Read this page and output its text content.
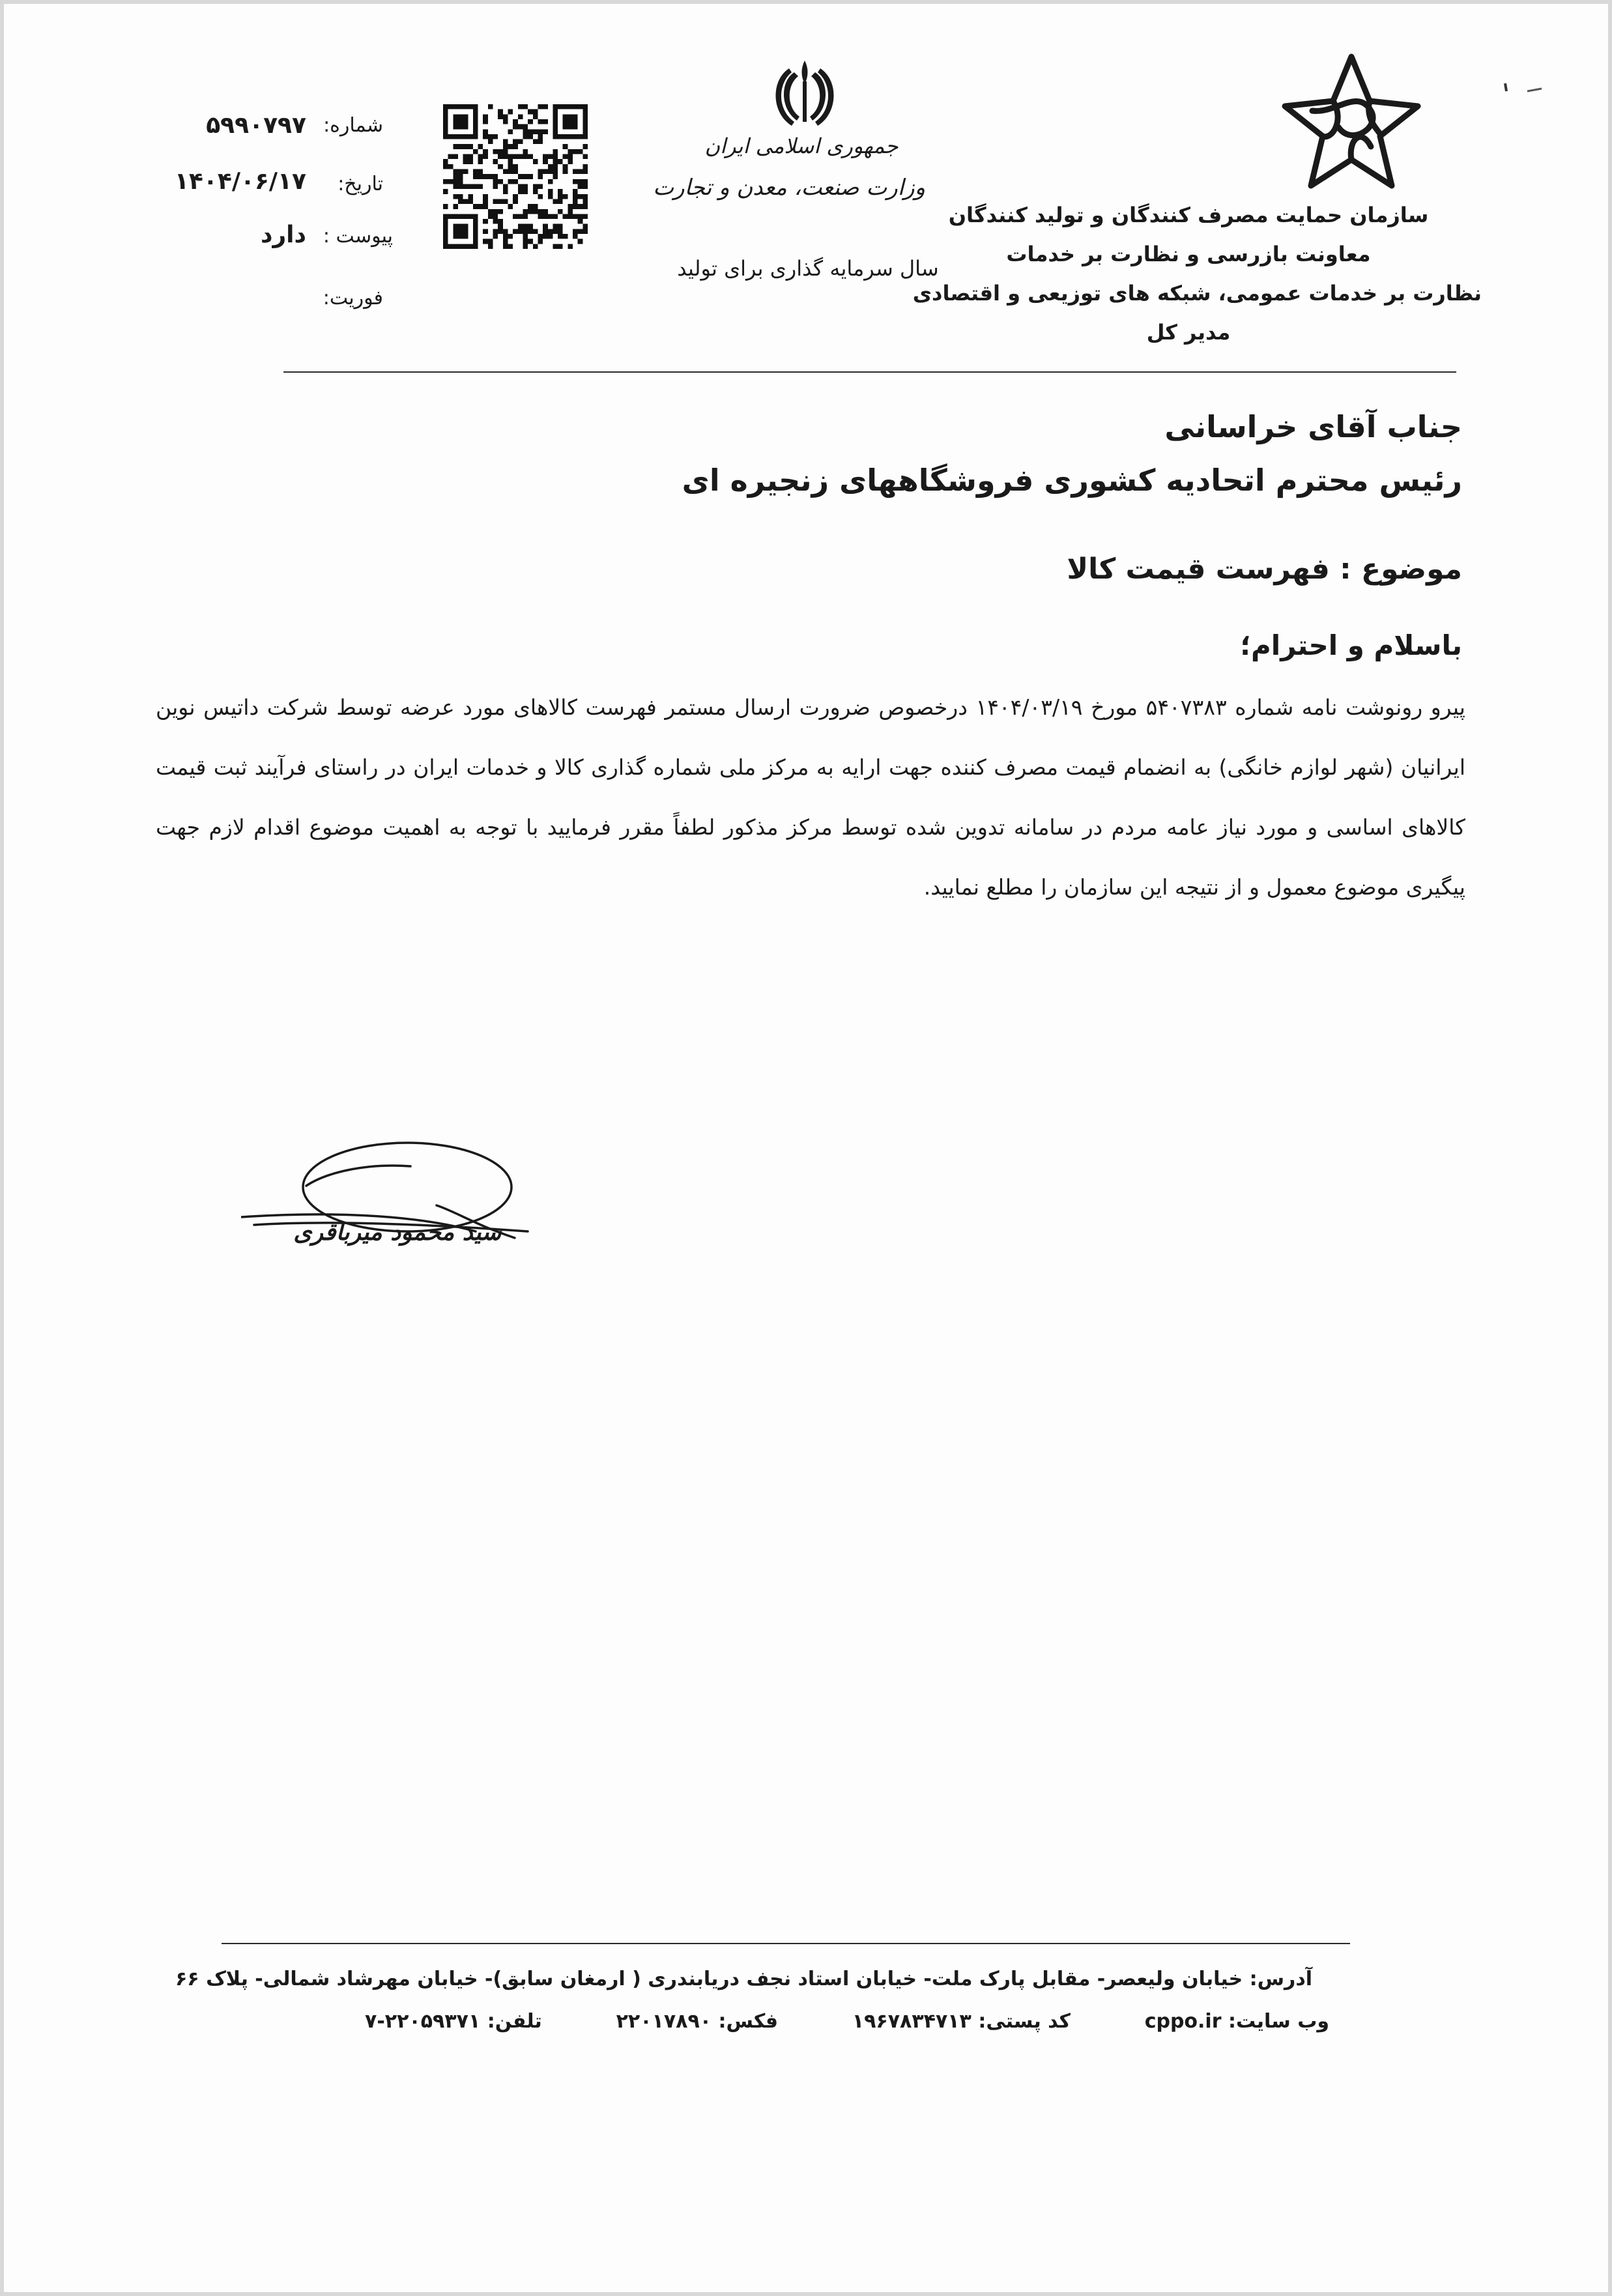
سازمان حمایت مصرف کنندگان و تولید کنندگان
معاونت بازرسی و نظارت بر خدمات
نظارت بر خدمات عمومی، شبکه های توزیعی و اقتصادی
مدیر کل
جمهوری اسلامی ایران
وزارت صنعت، معدن و تجارت
سال سرمایه گذاری برای تولید
شماره:
۵۹۹۰۷۹۷
تاریخ:
۱۴۰۴/۰۶/۱۷
پیوست :
دارد
فوریت:
جناب آقای خراسانی
رئیس محترم اتحادیه کشوری فروشگاههای زنجیره ای
موضوع : فهرست قیمت کالا
باسلام و احترام؛
پیرو رونوشت نامه شماره ۵۴۰۷۳۸۳ مورخ ۱۴۰۴/۰۳/۱۹ درخصوص ضرورت ارسال مستمر فهرست کالاهای مورد عرضه توسط شرکت داتیس نوین ایرانیان (شهر لوازم خانگی) به انضمام قیمت مصرف کننده جهت ارایه به مرکز ملی شماره گذاری کالا و خدمات ایران در راستای فرآیند ثبت قیمت کالاهای اساسی و مورد نیاز عامه مردم در سامانه تدوین شده توسط مرکز مذکور لطفاً مقرر فرمایید با توجه به اهمیت موضوع اقدام لازم جهت پیگیری موضوع معمول و از نتیجه این سازمان را مطلع نمایید.
سید محمود میرباقری
آدرس: خیابان ولیعصر- مقابل پارک ملت- خیابان استاد نجف دریابندری ( ارمغان سابق)- خیابان مهرشاد شمالی- پلاک ۶۶
تلفن: ۷-۲۲۰۵۹۳۷۱	فکس: ۲۲۰۱۷۸۹۰	کد پستی: ۱۹۶۷۸۳۴۷۱۳	وب سایت: cppo.ir
